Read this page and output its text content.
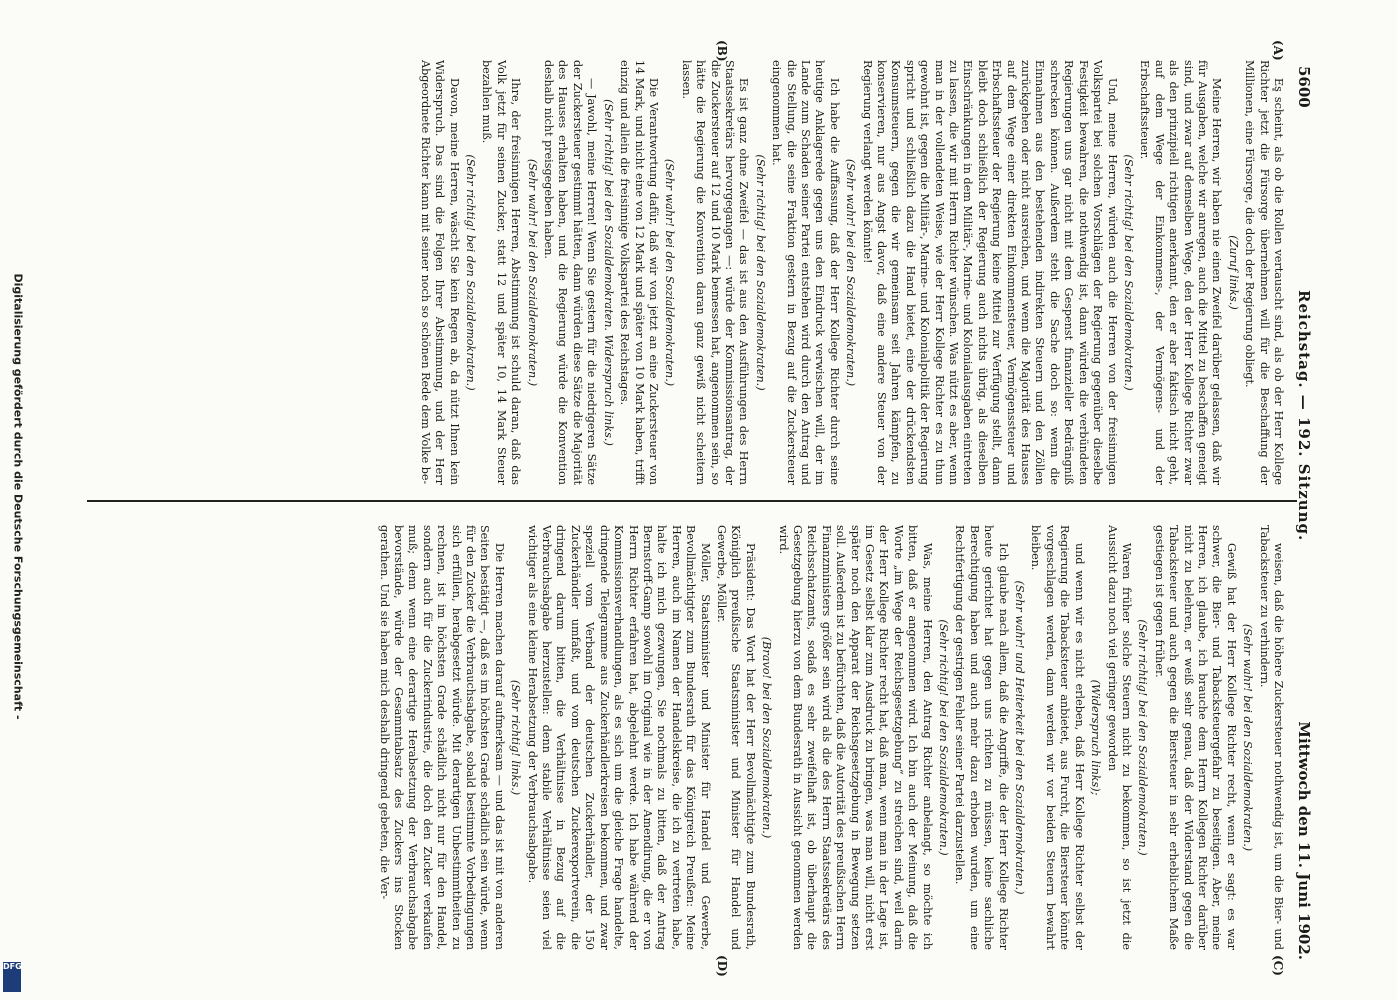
5600
Reichstag. — 192. Sitzung.
Mittwoch den 11. Juni 1902.
(A)
(B)
(C)
(D)

Es scheint, als ob die Rollen vertauscht sind, als ob der Herr Kollege Richter jetzt die Fürsorge übernehmen will für die Beschaffung der Millionen, eine Fürsorge, die doch der Regierung obliegt.

(Zuruf links.)

Meine Herren, wir haben nie einen Zweifel darüber gelassen, daß wir für Ausgaben, welche wir anregen, auch die Mittel zu beschaffen geneigt sind, und zwar auf demselben Wege, den der Herr Kollege Richter zwar als den prinzipiell richtigen anerkannt, den er aber faktisch nicht geht, auf dem Wege der Einkommens-, der Vermögens- und der Erbschaftssteuer.

(Sehr richtig! bei den Sozialdemokraten.)

Und, meine Herren, würden auch die Herren von der freisinnigen Volkspartei bei solchen Vorschlägen der Regierung gegenüber dieselbe Festigkeit bewahren, die nothwendig ist, dann würden die verbündeten Regierungen uns gar nicht mit dem Gespenst finanzieller Bedrängniß schrecken können. Außerdem steht die Sache doch so: wenn die Einnahmen aus den bestehenden indirekten Steuern und den Zöllen zurückgehen oder nicht ausreichen, und wenn die Majorität des Hauses auf dem Wege einer direkten Einkommensteuer, Vermögenssteuer und Erbschaftssteuer der Regierung keine Mittel zur Verfügung stellt, dann bleibt doch schließlich der Regierung auch nichts übrig, als dieselben Einschränkungen in dem Militär-, Marine- und Kolonialausgaben eintreten zu lassen, die wir mit Herrn Richter wünschen. Was nützt es aber, wenn man in der vollendeten Weise, wie der Herr Kollege Richter es zu thun gewohnt ist, gegen die Militär-, Marine- und Kolonialpolitik der Regierung spricht und schließlich dazu die Hand bietet, eine der drückendsten Konsumsteuern, gegen die wir gemeinsam seit Jahren kämpfen, zu konservieren, nur aus Angst davor, daß eine andere Steuer von der Regierung verlangt werden könnte!

(Sehr wahr! bei den Sozialdemokraten.)

Ich habe die Auffassung, daß der Herr Kollege Richter durch seine heutige Anklagerede gegen uns den Eindruck verwischen will, der im Lande zum Schaden seiner Partei entstehen wird durch den Antrag und die Stellung, die seine Fraktion gestern in Bezug auf die Zuckersteuer eingenommen hat.

(Sehr richtig! bei den Sozialdemokraten.)

Es ist ganz ohne Zweifel — das ist aus den Ausführungen des Herrn Staatssekretärs hervorgegangen —: würde der Kommissionsantrag, der die Zuckersteuer auf 12 und 10 Mark bemessen hat, angenommen sein, so hätte die Regierung die Konvention daran ganz gewiß nicht scheitern lassen.

(Sehr wahr! bei den Sozialdemokraten.)

Die Verantwortung dafür, daß wir von jetzt an eine Zuckersteuer von 14 Mark, und nicht eine von 12 Mark und später von 10 Mark haben, trifft einzig und allein die freisinnige Volkspartei des Reichstages.

(Sehr richtig! bei den Sozialdemokraten. Widerspruch links.)

— Jawohl, meine Herren! Wenn Sie gestern für die niedrigeren Sätze der Zuckersteuer gestimmt hätten, dann würden diese Sätze die Majorität des Hauses erhalten haben, und die Regierung würde die Konvention deshalb nicht preisgegeben haben.

(Sehr wahr! bei den Sozialdemokraten.)

Ihre, der freisinnigen Herren, Abstimmung ist schuld daran, daß das Volk jetzt für seinen Zucker, statt 12 und später 10, 14 Mark Steuer bezahlen muß.

(Sehr richtig! bei den Sozialdemokraten.)

Davon, meine Herren, wäscht Sie kein Regen ab, da nützt Ihnen kein Widerspruch. Das sind die Folgen Ihrer Abstimmung, und der Herr Abgeordnete Richter kann mit seiner noch so schönen Rede dem Volke be-

weisen, daß die höhere Zuckersteuer nothwendig ist, um die Bier- und Tabacksteuer zu verhindern.

(Sehr wahr! bei den Sozialdemokraten.)

Gewiß hat der Herr Kollege Richter recht, wenn er sagt: es war schwer, die Bier- und Tabacksteuergefahr zu beseitigen. Aber, meine Herren, ich glaube, ich brauche dem Herrn Kollegen Richter darüber nicht zu belehren, er weiß sehr genau, daß der Widerstand gegen die Tabacksteuer und auch gegen die Biersteuer in sehr erheblichem Maße gestiegen ist gegen früher.

(Sehr richtig! bei den Sozialdemokraten.)

Waren früher solche Steuern nicht zu bekommen, so ist jetzt die Aussicht dazu noch viel geringer geworden

(Widerspruch links);

und wenn wir es nicht erleben, daß Herr Kollege Richter selbst der Regierung die Tabacksteuer anbietet, aus Furcht, die Biersteuer könnte vorgeschlagen werden, dann werden wir vor beiden Steuern bewahrt bleiben.

(Sehr wahr! und Heiterkeit bei den Sozialdemokraten.)

Ich glaube nach allem, daß die Angriffe, die der Herr Kollege Richter heute gerichtet hat gegen uns richten zu müssen, keine sachliche Berechtigung haben und auch mehr dazu erhoben wurden, um eine Rechtfertigung der gestrigen Fehler seiner Partei darzustellen.

(Sehr richtig! bei den Sozialdemokraten.)

Was, meine Herren, den Antrag Richter anbelangt, so möchte ich bitten, daß er angenommen wird. Ich bin auch der Meinung, daß die Worte „im Wege der Reichsgesetzgebung“ zu streichen sind, weil darin der Herr Kollege Richter recht hat, daß man, wenn man in der Lage ist, im Gesetz selbst klar zum Ausdruck zu bringen, was man will, nicht erst später noch den Apparat der Reichsgesetzgebung in Bewegung setzen soll. Außerdem ist zu befürchten, daß die Autorität des preußischen Herrn Finanzministers größer sein wird als die des Herrn Staatssekretärs des Reichsschatzamts, sodaß es sehr zweifelhaft ist, ob überhaupt die Gesetzgebung hierzu von dem Bundesrath in Aussicht genommen werden wird.

(Bravo! bei den Sozialdemokraten.)

Präsident: Das Wort hat der Herr Bevollmächtigte zum Bundesrath, Königlich preußische Staatsminister und Minister für Handel und Gewerbe, Möller.

Möller, Staatsminister und Minister für Handel und Gewerbe, Bevollmächtigter zum Bundesrath für das Königreich Preußen: Meine Herren, auch im Namen der Handelskreise, die ich zu vertreten habe, halte ich mich gezwungen, Sie nochmals zu bitten, daß der Antrag Bernstorff-Gamp sowohl im Original wie in der Amendirung, die er von Herrn Richter erfahren hat, abgelehnt werde. Ich habe während der Kommissionsverhandlungen, als es sich um die gleiche Frage handelte, dringende Telegramme aus Zuckerhändlerkreisen bekommen, und zwar speziell vom Verband der deutschen Zuckerhändler, der 150 Zuckerhändler umfaßt, und vom deutschen Zuckerexportverein, die dringend darum bitten, die Verhältnisse in Bezug auf die Verbrauchsabgabe herzustellen: denn stabile Verhältnisse seien viel wichtiger als eine kleine Herabsetzung der Verbrauchsabgabe.

(Sehr richtig! links.)

Die Herren machen darauf aufmerksam — und das ist mit von anderen Seiten bestätigt —, daß es im höchsten Grade schädlich sein würde, wenn für den Zucker die Verbrauchsabgabe, sobald bestimmte Vorbedingungen sich erfüllen, herabgesetzt würde. Mit derartigen Unbestimmtheiten zu rechnen, ist im höchsten Grade schädlich nicht nur für den Handel, sondern auch für die Zuckerindustrie, die doch den Zucker verkaufen muß; denn wenn eine derartige Herabsetzung der Verbrauchsabgabe bevorstände, würde der Gesammtabsatz des Zuckers ins Stocken gerathen. Und sie haben mich deshalb dringend gebeten, die Ver-

Digitalisierung gefördert durch die Deutsche Forschungsgemeinschaft -
DFG
